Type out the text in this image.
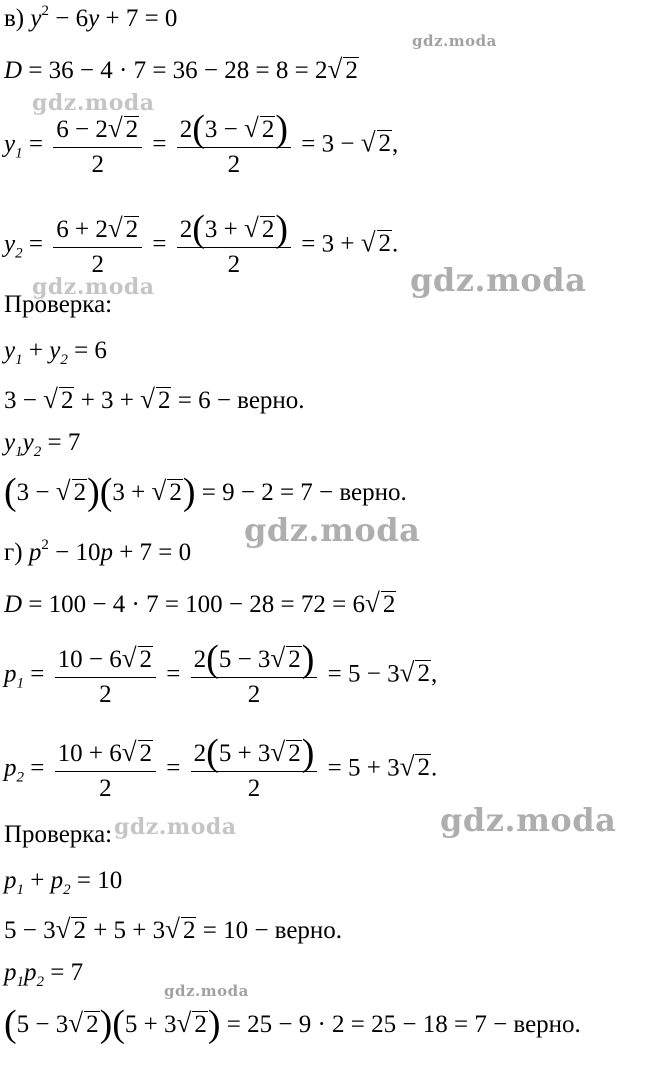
в) $y^2 - 6y + 7 = 0$
D = 36 − 4 · 7 = 36 − 28 = 8 = 2√ 2
$y_1 = \frac{6 - 2√ 2}{2} = \frac{2(3 - √ 2)}{2} = 3$ − √ 2,
$y_2 = \frac{6 + 2√ 2}{2} = \frac{2(3 + √ 2)}{2} = 3$ + √ 2.
Проверка:
$y_1 + y_2 = 6$
3 − √ 2 + 3 + √ 2 = 6 − верно.
$y_1y_2 = 7$
(3 − √ 2)(3 + √ 2) = 9 − 2 = 7 − верно.
г) $p^2 - 10p + 7 = 0$
D = 100 − 4 · 7 = 100 − 28 = 72 = 6√ 2
$p_1 = \frac{10 - 6√ 2}{2} = \frac{2(5 - 3√ 2)}{2} = 5 - 3√$ 2,
$p_2 = \frac{10 + 6√ 2}{2} = \frac{2(5 + 3√ 2)}{2} = 5 + 3√$ 2.
Проверка:
$p_1 + p_2 = 10$
5 − 3√ 2 + 5 + 3√ 2 = 10 − верно.
$p_1p_2 = 7$
(5 − 3√ 2)(5 + 3√ 2) = 25 − 9 · 2 = 25 − 18 = 7 − верно.
gdz.moda
gdz.moda
gdz.moda	gdz.moda
gdz.moda
gdz.moda	gdz.moda
gdz.moda
